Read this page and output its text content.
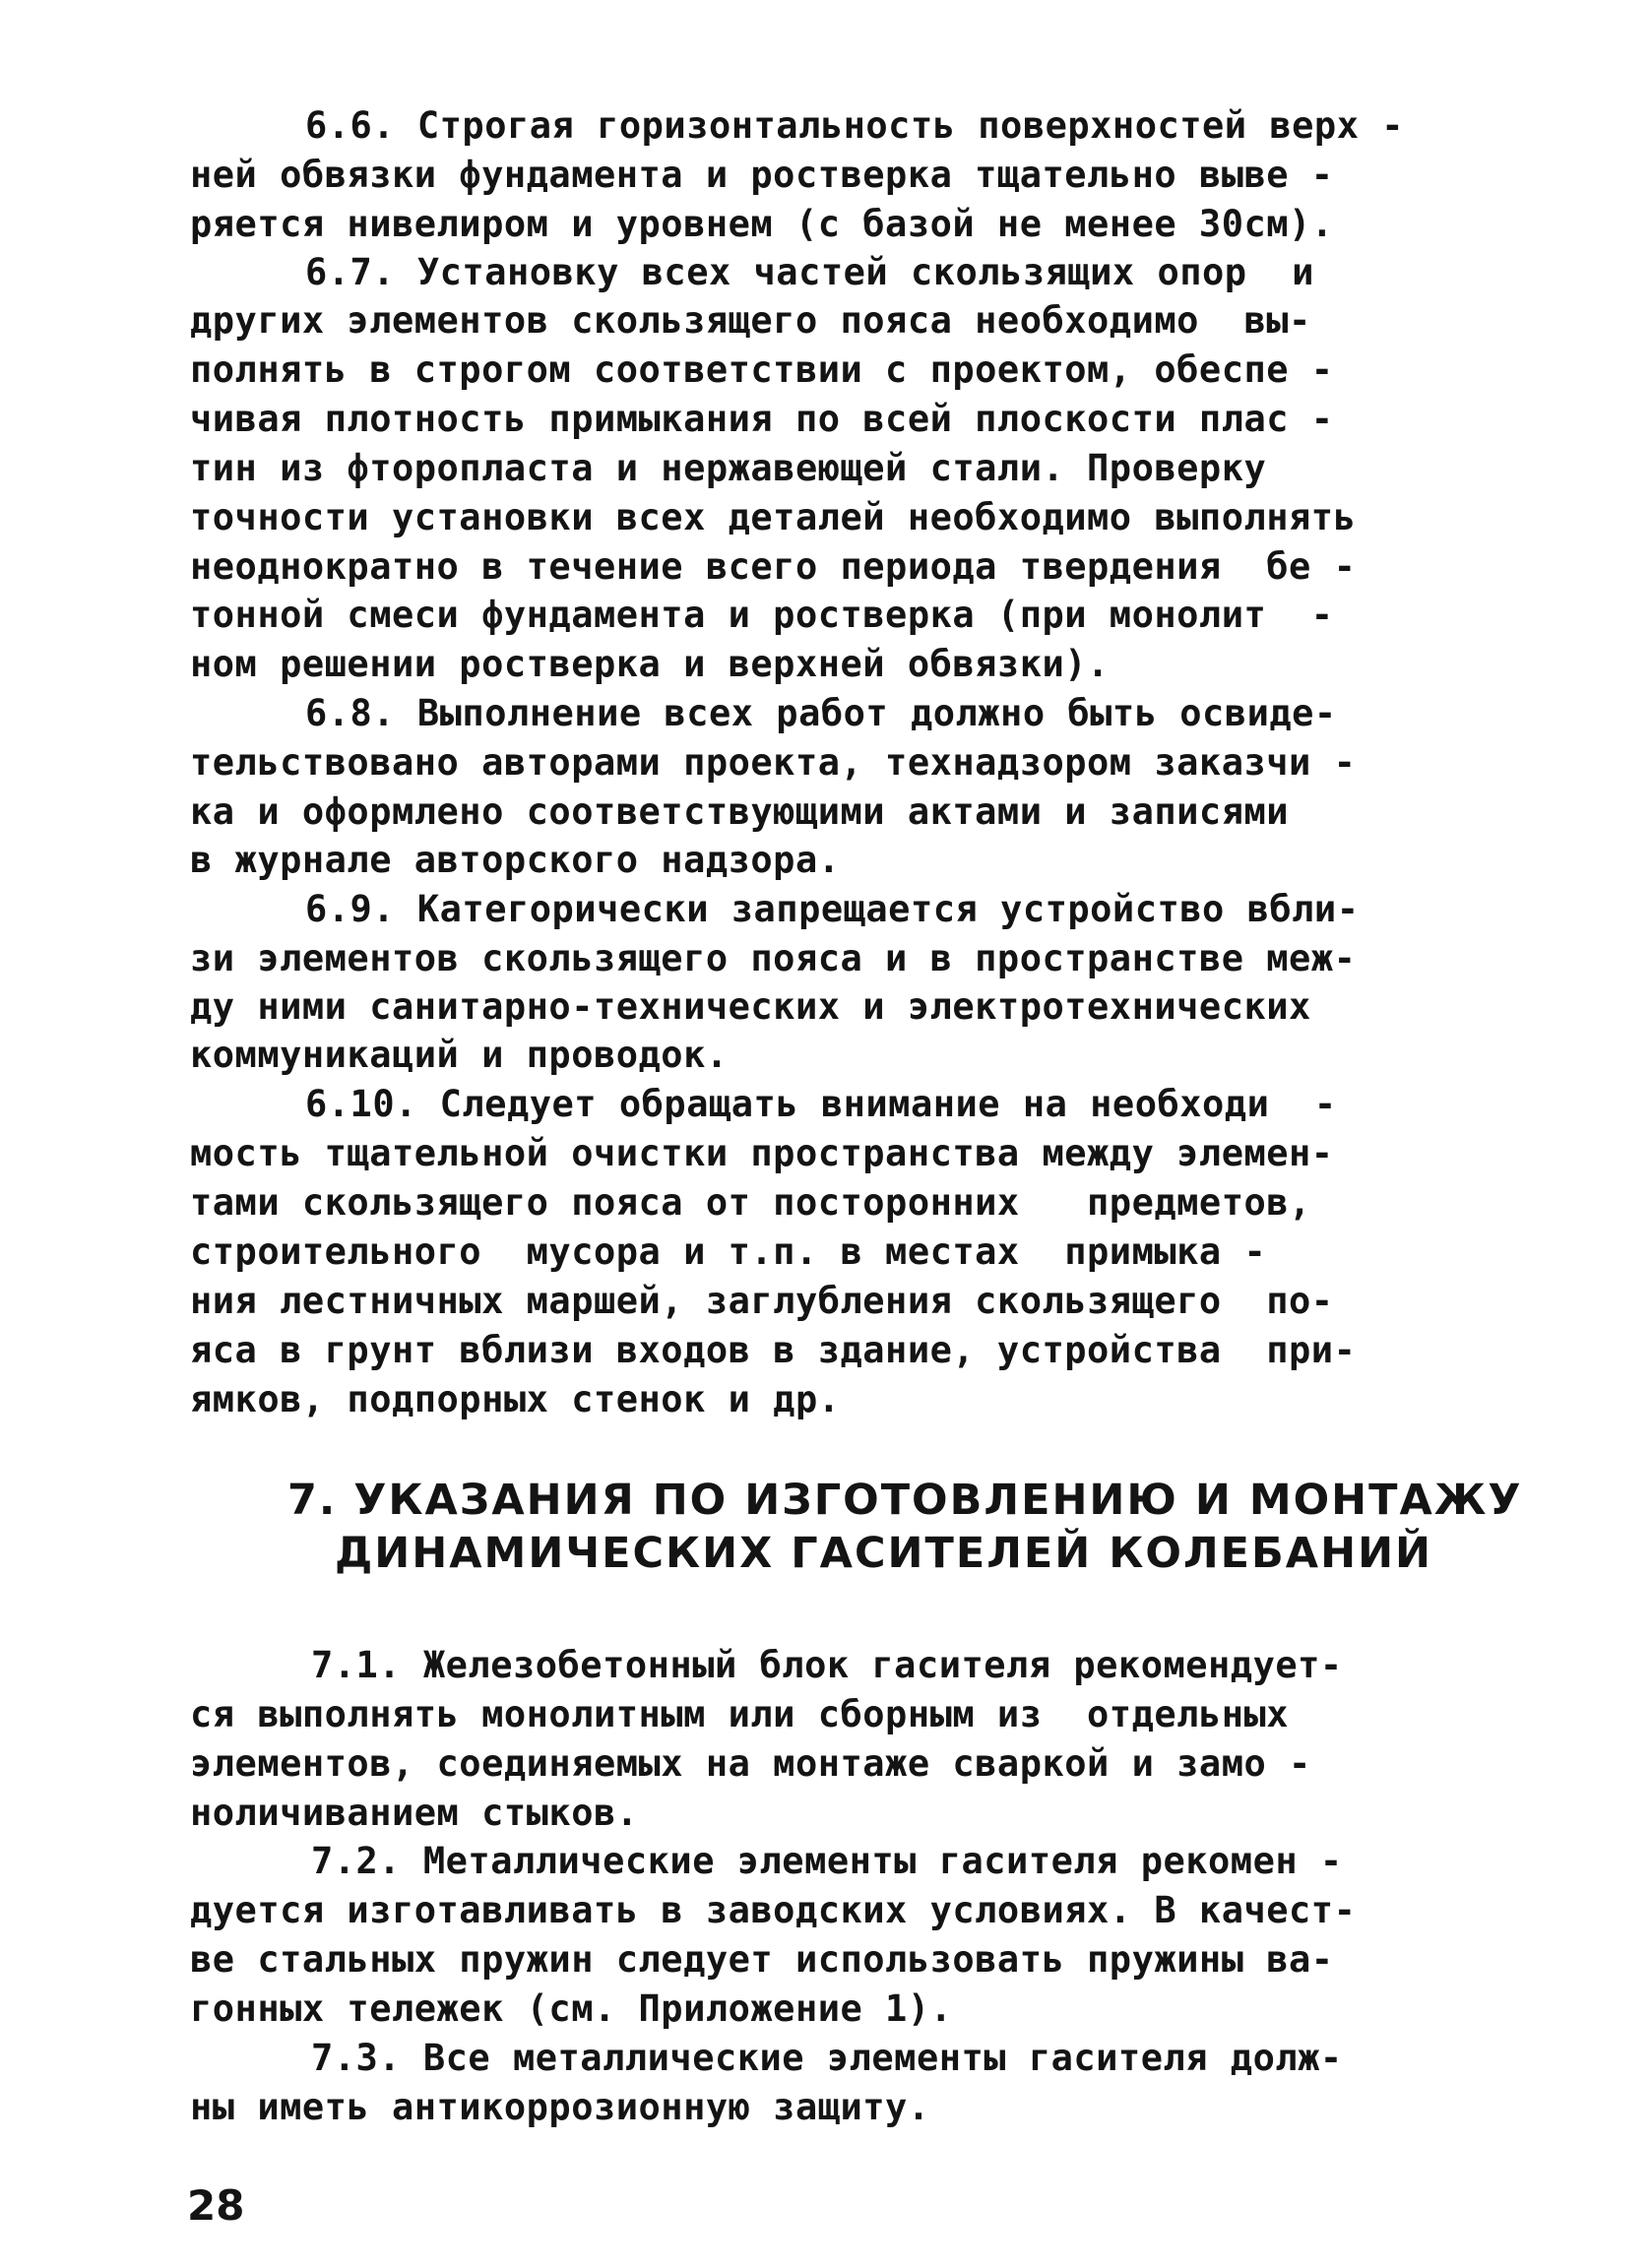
6.6. Строгая горизонтальность поверхностей верх -
ней обвязки фундамента и ростверка тщательно выве -
ряется нивелиром и уровнем (с базой не менее 30см).
6.7. Установку всех частей скользящих опор  и
других элементов скользящего пояса необходимо  вы-
полнять в строгом соответствии с проектом, обеспе -
чивая плотность примыкания по всей плоскости плас -
тин из фторопласта и нержавеющей стали. Проверку
точности установки всех деталей необходимо выполнять
неоднократно в течение всего периода твердения  бе -
тонной смеси фундамента и ростверка (при монолит  -
ном решении ростверка и верхней обвязки).
6.8. Выполнение всех работ должно быть освиде-
тельствовано авторами проекта, технадзором заказчи -
ка и оформлено соответствующими актами и записями
в журнале авторского надзора.
6.9. Категорически запрещается устройство вбли-
зи элементов скользящего пояса и в пространстве меж-
ду ними санитарно-технических и электротехнических
коммуникаций и проводок.
6.10. Следует обращать внимание на необходи  -
мость тщательной очистки пространства между элемен-
тами скользящего пояса от посторонних   предметов,
строительного  мусора и т.п. в местах  примыка -
ния лестничных маршей, заглубления скользящего  по-
яса в грунт вблизи входов в здание, устройства  при-
ямков, подпорных стенок и др.
7. УКАЗАНИЯ ПО ИЗГОТОВЛЕНИЮ И МОНТАЖУ
ДИНАМИЧЕСКИХ ГАСИТЕЛЕЙ КОЛЕБАНИЙ
7.1. Железобетонный блок гасителя рекомендует-
ся выполнять монолитным или сборным из  отдельных
элементов, соединяемых на монтаже сваркой и замо -
ноличиванием стыков.
7.2. Металлические элементы гасителя рекомен -
дуется изготавливать в заводских условиях. В качест-
ве стальных пружин следует использовать пружины ва-
гонных тележек (см. Приложение 1).
7.3. Все металлические элементы гасителя долж-
ны иметь антикоррозионную защиту.
28
